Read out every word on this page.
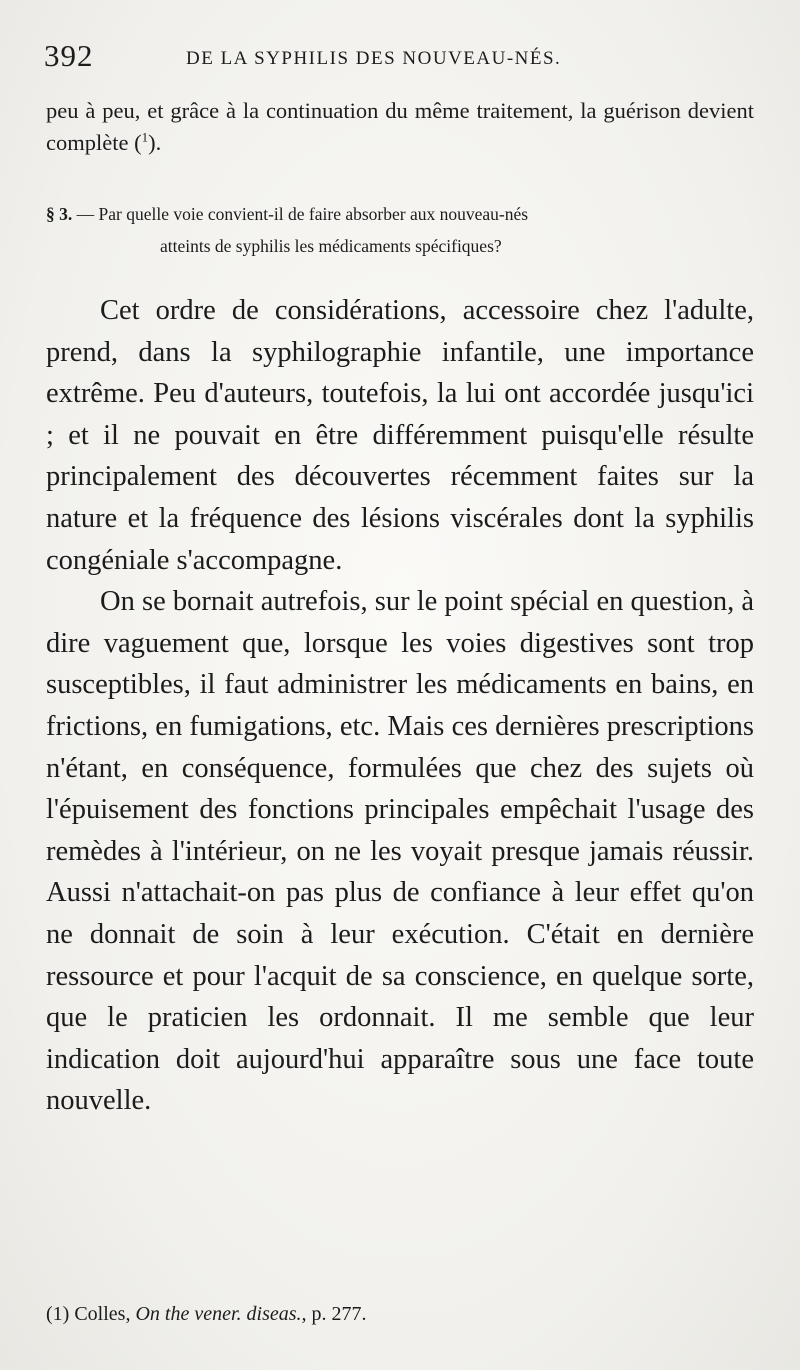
392	DE LA SYPHILIS DES NOUVEAU-NÉS.
peu à peu, et grâce à la continuation du même traitement, la guérison devient complète ($^1$).
§ 3. — Par quelle voie convient-il de faire absorber aux nouveau-nés
atteints de syphilis les médicaments spécifiques?

Cet ordre de considérations, accessoire chez l'adulte, prend, dans la syphilographie infantile, une importance extrême. Peu d'auteurs, toutefois, la lui ont accordée jusqu'ici ; et il ne pouvait en être différemment puisqu'elle résulte principalement des découvertes récemment faites sur la nature et la fréquence des lésions viscérales dont la syphilis congéniale s'accompagne.

On se bornait autrefois, sur le point spécial en question, à dire vaguement que, lorsque les voies digestives sont trop susceptibles, il faut administrer les médicaments en bains, en frictions, en fumigations, etc. Mais ces dernières prescriptions n'étant, en conséquence, formulées que chez des sujets où l'épuisement des fonctions principales empêchait l'usage des remèdes à l'intérieur, on ne les voyait presque jamais réussir. Aussi n'attachait-on pas plus de confiance à leur effet qu'on ne donnait de soin à leur exécution. C'était en dernière ressource et pour l'acquit de sa conscience, en quelque sorte, que le praticien les ordonnait. Il me semble que leur indication doit aujourd'hui apparaître sous une face toute nouvelle.

(1) Colles, On the vener. diseas., p. 277.
